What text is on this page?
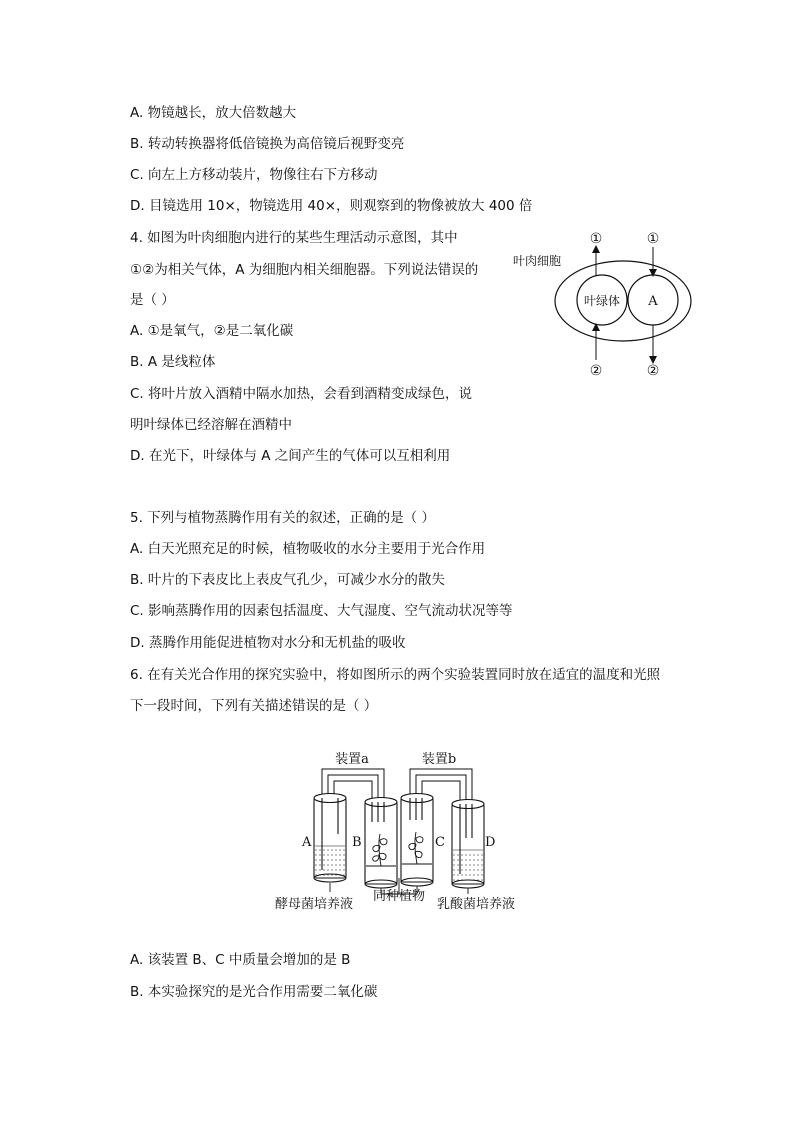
A. 物镜越长，放大倍数越大
B. 转动转换器将低倍镜换为高倍镜后视野变亮
C. 向左上方移动装片，物像往右下方移动
D. 目镜选用 10×，物镜选用 40×，则观察到的物像被放大 400 倍
4. 如图为叶肉细胞内进行的某些生理活动示意图，其中
①②为相关气体，A 为细胞内相关细胞器。下列说法错误的
是（ ）
A. ①是氧气，②是二氧化碳
B. A 是线粒体
C. 将叶片放入酒精中隔水加热，会看到酒精变成绿色，说
明叶绿体已经溶解在酒精中
D. 在光下，叶绿体与 A 之间产生的气体可以互相利用
叶肉细胞
叶绿体 A
①	①
②	②
5. 下列与植物蒸腾作用有关的叙述，正确的是（ ）
A. 白天光照充足的时候，植物吸收的水分主要用于光合作用
B. 叶片的下表皮比上表皮气孔少，可减少水分的散失
C. 影响蒸腾作用的因素包括温度、大气湿度、空气流动状况等等
D. 蒸腾作用能促进植物对水分和无机盐的吸收
6. 在有关光合作用的探究实验中，将如图所示的两个实验装置同时放在适宜的温度和光照
下一段时间，下列有关描述错误的是（ ）
装置a	装置b
A	B	C	D
酵母菌培养液
同种植物
乳酸菌培养液
A. 该装置 B、C 中质量会增加的是 B
B. 本实验探究的是光合作用需要二氧化碳
